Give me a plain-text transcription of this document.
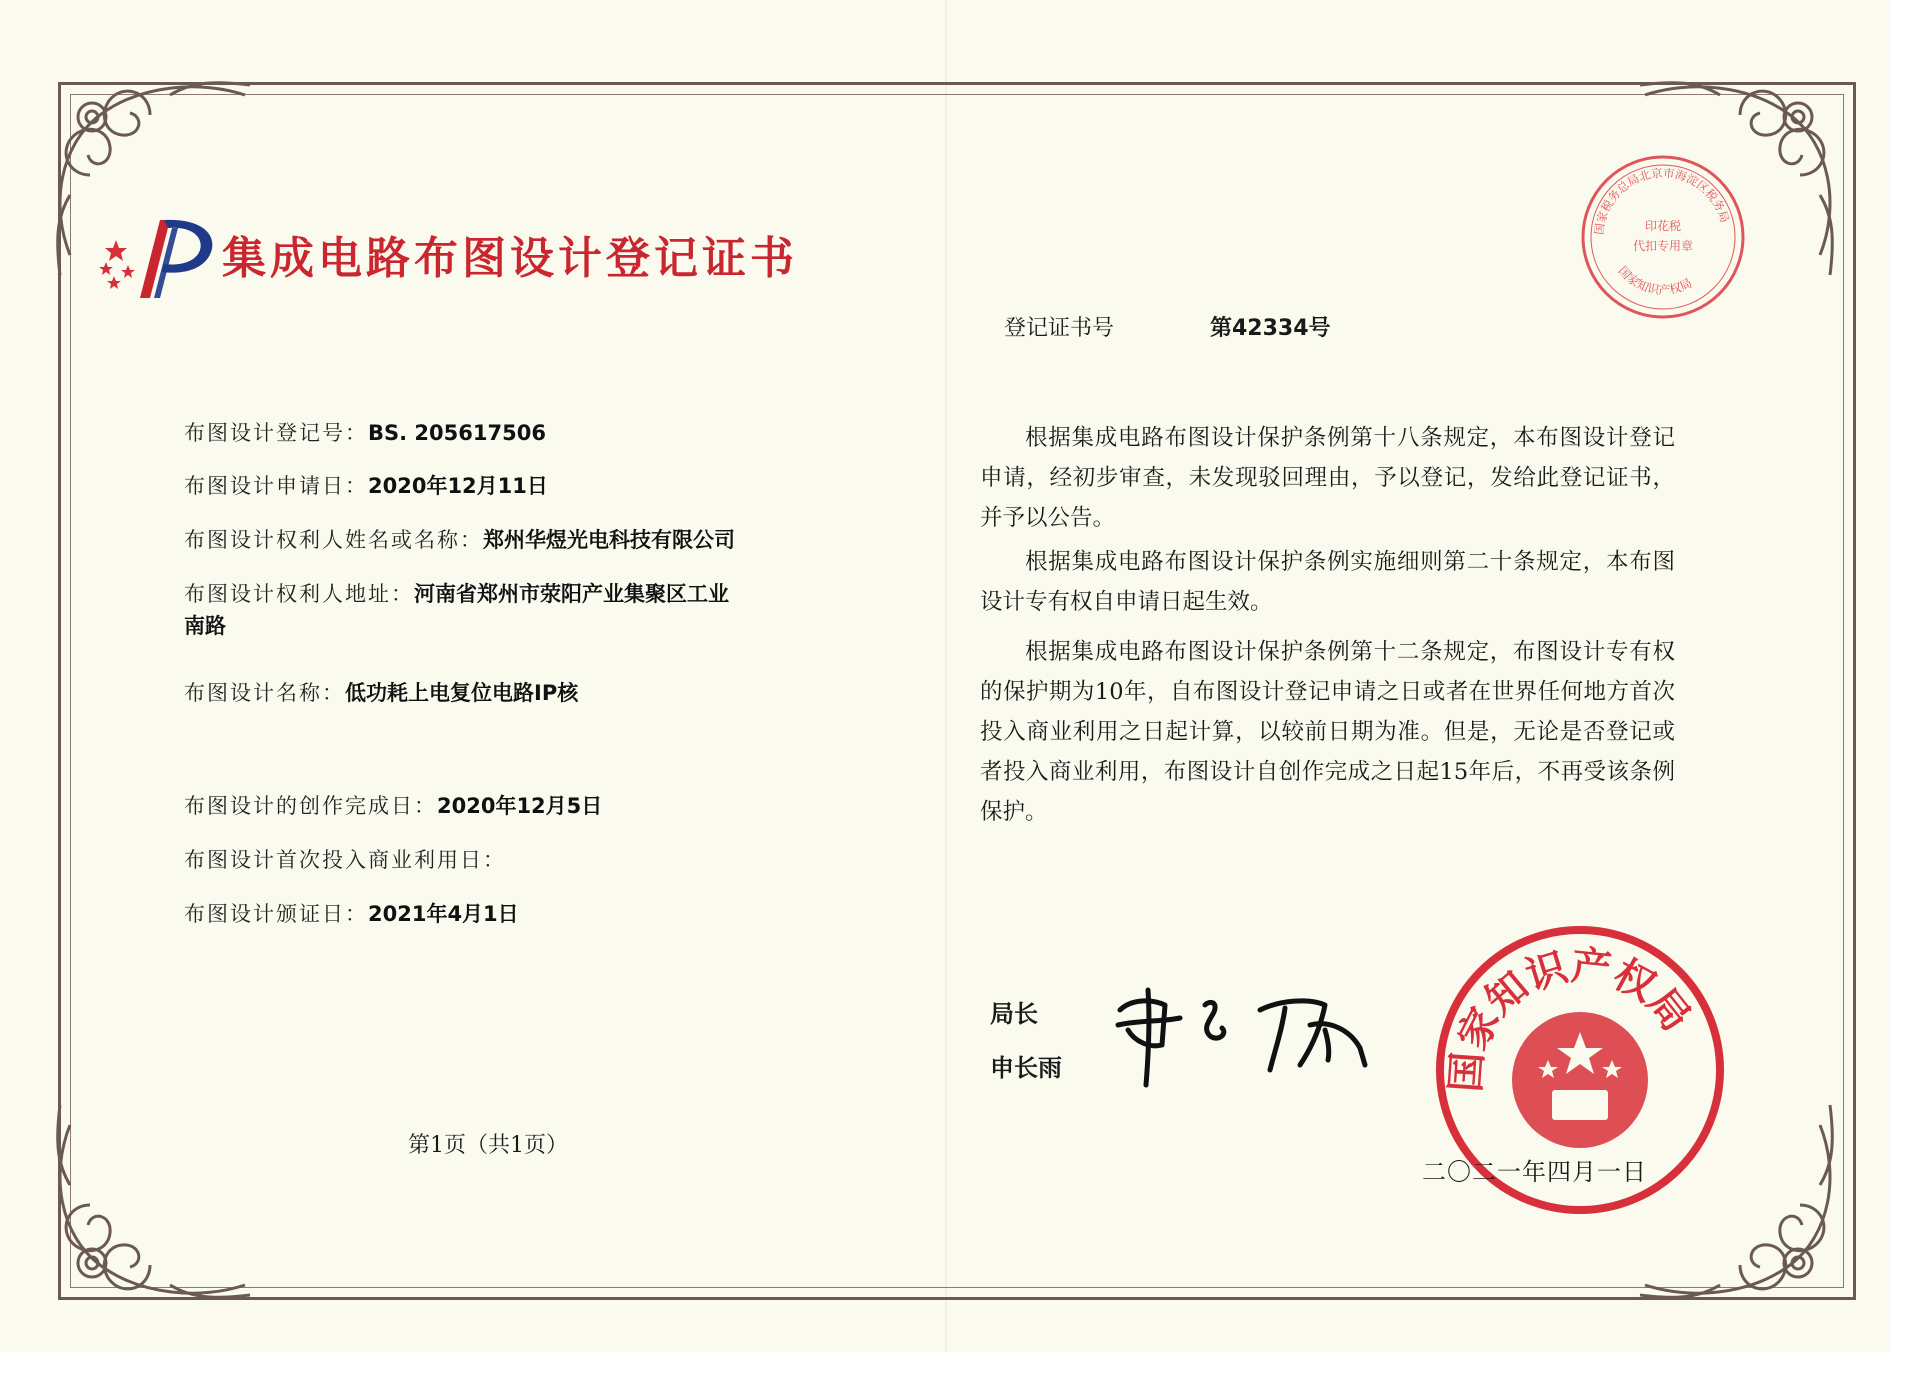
集成电路布图设计登记证书
布图设计登记号：BS. 205617506
布图设计申请日：2020年12月11日
布图设计权利人姓名或名称：郑州华煜光电科技有限公司
布图设计权利人地址：河南省郑州市荥阳产业集聚区工业南路
布图设计名称：低功耗上电复位电路IP核
布图设计的创作完成日：2020年12月5日
布图设计首次投入商业利用日：
布图设计颁证日：2021年4月1日
第1页（共1页）
登记证书号	第42334号
根据集成电路布图设计保护条例第十八条规定，本布图设计登记申请，经初步审查，未发现驳回理由，予以登记，发给此登记证书，并予以公告。
根据集成电路布图设计保护条例实施细则第二十条规定，本布图设计专有权自申请日起生效。
根据集成电路布图设计保护条例第十二条规定，布图设计专有权的保护期为10年，自布图设计登记申请之日或者在世界任何地方首次投入商业利用之日起计算，以较前日期为准。但是，无论是否登记或者投入商业利用，布图设计自创作完成之日起15年后，不再受该条例保护。
局长
申长雨	国家知识产权局
国家税务总局北京市海淀区税务局
印花税
代扣专用章
国家知识产权局
二〇二一年四月一日
